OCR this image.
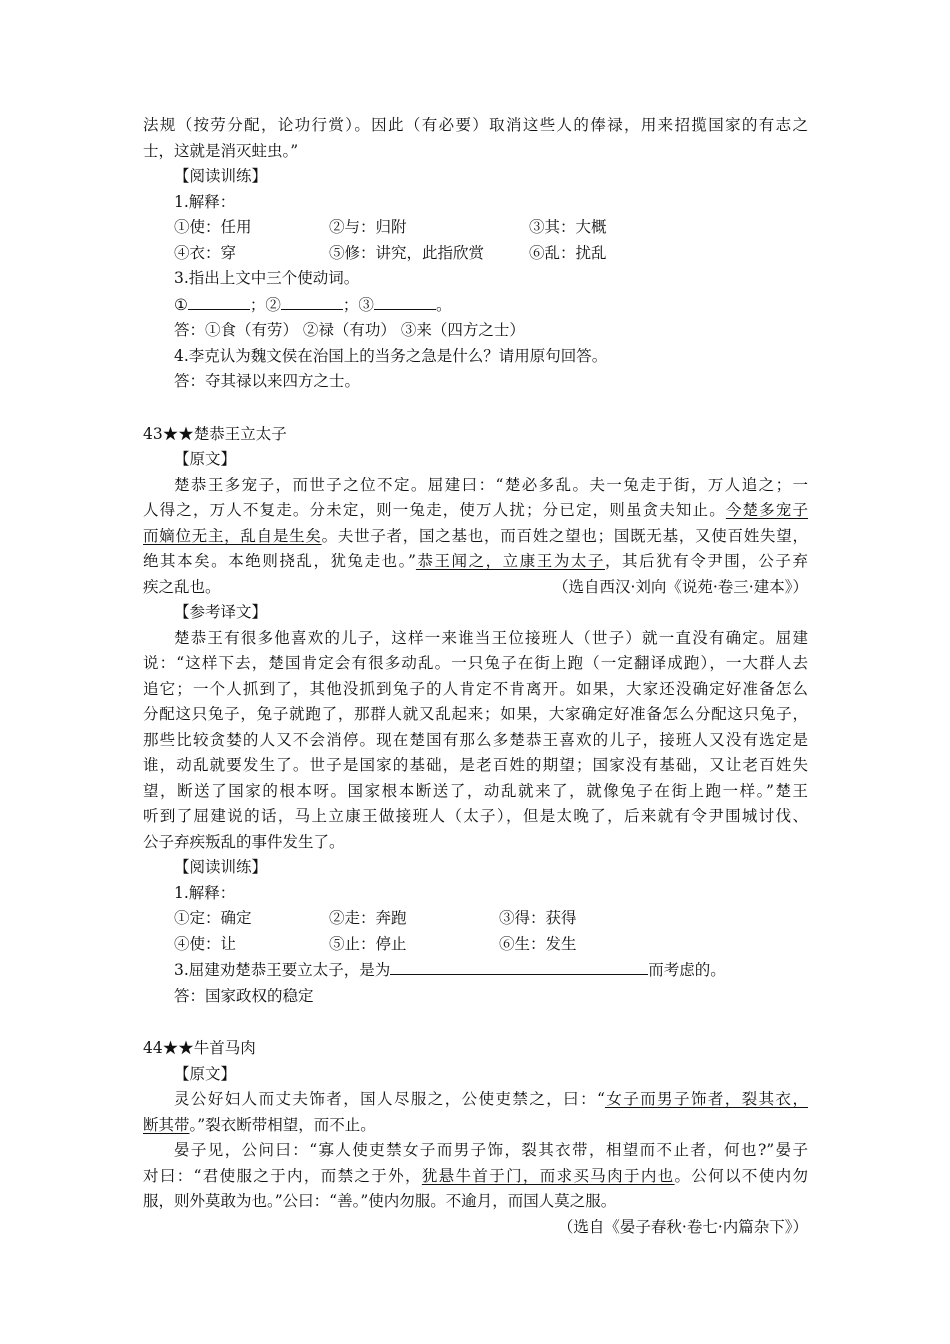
法规（按劳分配，论功行赏）。因此（有必要）取消这些人的俸禄，用来招揽国家的有志之
士，这就是消灭蛀虫。”
【阅读训练】
1.解释：
①使：任用	②与：归附	③其：大概
④衣：穿	⑤修：讲究，此指欣赏	⑥乱：扰乱
3.指出上文中三个使动词。
①	；②	；③	。
答：①食（有劳） ②禄（有功） ③来（四方之士）
4.李克认为魏文侯在治国上的当务之急是什么？请用原句回答。
答：夺其禄以来四方之士。
43★★楚恭王立太子
【原文】
楚恭王多宠子，而世子之位不定。屈建曰：“楚必多乱。夫一兔走于街，万人追之；一
人得之，万人不复走。分未定，则一兔走，使万人扰；分已定，则虽贪夫知止。今楚多宠子
而嫡位无主，乱自是生矣。夫世子者，国之基也，而百姓之望也；国既无基，又使百姓失望，
绝其本矣。本绝则挠乱，犹兔走也。”恭王闻之，立康王为太子，其后犹有令尹围，公子弃
疾之乱也。	（选自西汉·刘向《说苑·卷三·建本》）
【参考译文】
楚恭王有很多他喜欢的儿子，这样一来谁当王位接班人（世子）就一直没有确定。屈建
说：“这样下去，楚国肯定会有很多动乱。一只兔子在街上跑（一定翻译成跑），一大群人去
追它；一个人抓到了，其他没抓到兔子的人肯定不肯离开。如果，大家还没确定好准备怎么
分配这只兔子，兔子就跑了，那群人就又乱起来；如果，大家确定好准备怎么分配这只兔子，
那些比较贪婪的人又不会消停。现在楚国有那么多楚恭王喜欢的儿子，接班人又没有选定是
谁，动乱就要发生了。世子是国家的基础，是老百姓的期望；国家没有基础，又让老百姓失
望，断送了国家的根本呀。国家根本断送了，动乱就来了，就像兔子在街上跑一样。”楚王
听到了屈建说的话，马上立康王做接班人（太子），但是太晚了，后来就有令尹围城讨伐、
公子弃疾叛乱的事件发生了。
【阅读训练】
1.解释：
①定：确定	②走：奔跑	③得：获得
④使：让	⑤止：停止	⑥生：发生
3.屈建劝楚恭王要立太子，是为	而考虑的。
答：国家政权的稳定
44★★牛首马肉
【原文】
灵公好妇人而丈夫饰者，国人尽服之，公使吏禁之，曰：“女子而男子饰者，裂其衣，
断其带。”裂衣断带相望，而不止。
晏子见，公问曰：“寡人使吏禁女子而男子饰，裂其衣带，相望而不止者，何也?”晏子
对曰：“君使服之于内，而禁之于外，犹悬牛首于门，而求买马肉于内也。公何以不使内勿
服，则外莫敢为也。”公曰：“善。”使内勿服。不逾月，而国人莫之服。
（选自《晏子春秋·卷七·内篇杂下》）
